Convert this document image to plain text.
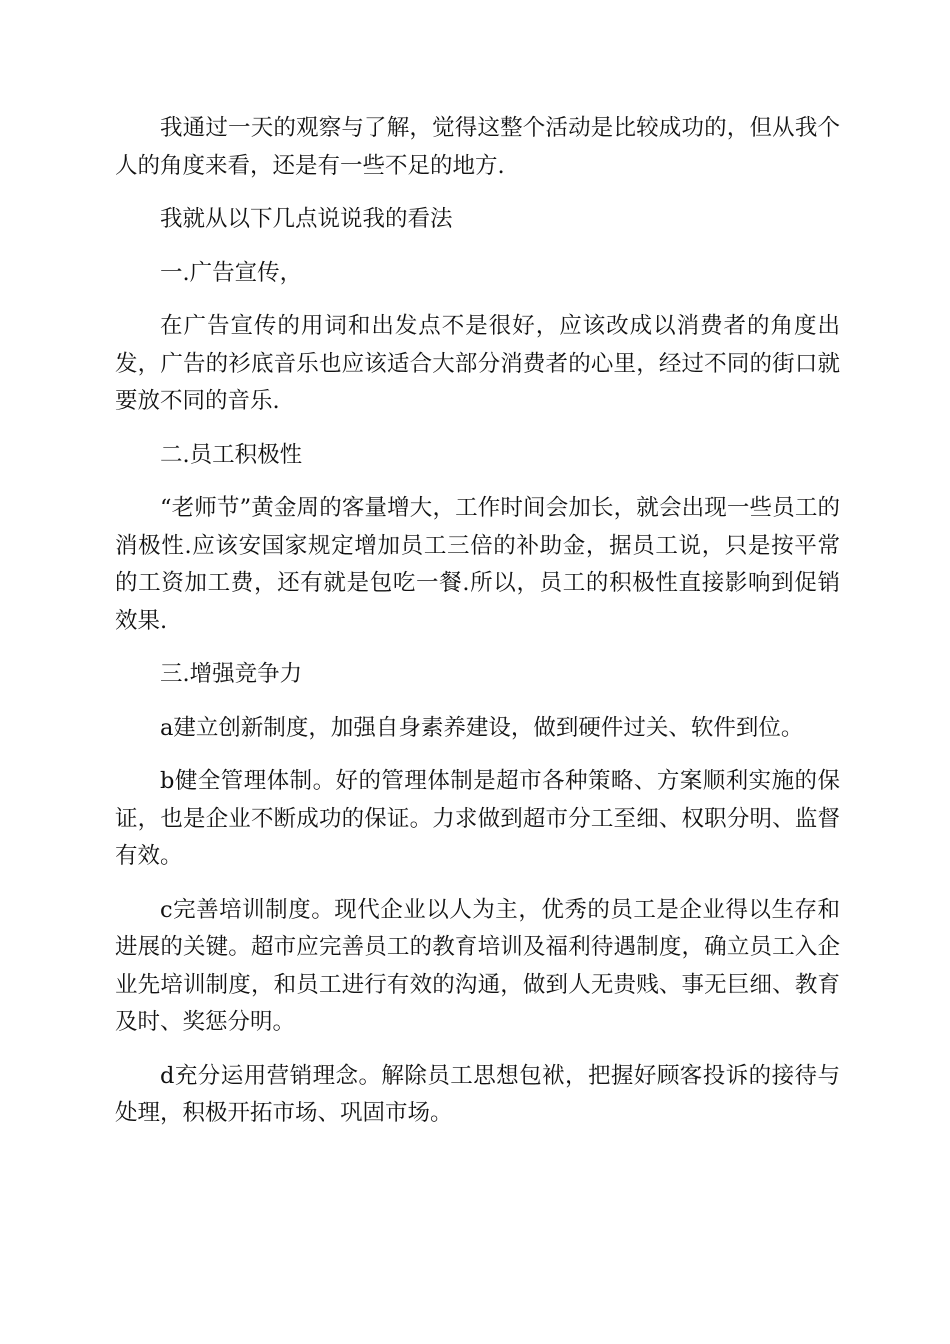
我通过一天的观察与了解，觉得这整个活动是比较成功的，但从我个人的角度来看，还是有一些不足的地方.

我就从以下几点说说我的看法

一.广告宣传，

在广告宣传的用词和出发点不是很好，应该改成以消费者的角度出发，广告的衫底音乐也应该适合大部分消费者的心里，经过不同的街口就要放不同的音乐.

二.员工积极性

“老师节”黄金周的客量增大，工作时间会加长，就会出现一些员工的消极性.应该安国家规定增加员工三倍的补助金，据员工说，只是按平常的工资加工费，还有就是包吃一餐.所以，员工的积极性直接影响到促销效果.

三.增强竞争力

a建立创新制度，加强自身素养建设，做到硬件过关、软件到位。

b健全管理体制。好的管理体制是超市各种策略、方案顺利实施的保证，也是企业不断成功的保证。力求做到超市分工至细、权职分明、监督有效。

c完善培训制度。现代企业以人为主，优秀的员工是企业得以生存和进展的关键。超市应完善员工的教育培训及福利待遇制度，确立员工入企业先培训制度，和员工进行有效的沟通，做到人无贵贱、事无巨细、教育及时、奖惩分明。

d充分运用营销理念。解除员工思想包袱，把握好顾客投诉的接待与处理，积极开拓市场、巩固市场。
